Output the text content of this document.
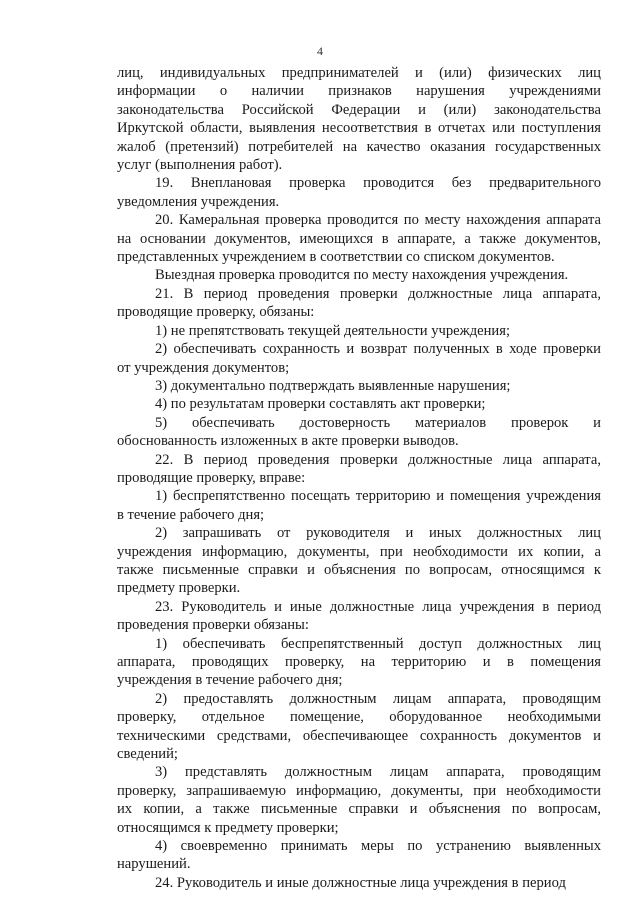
4
лиц, индивидуальных предпринимателей и (или) физических лиц
информации о наличии признаков нарушения учреждениями
законодательства Российской Федерации и (или) законодательства
Иркутской области, выявления несоответствия в отчетах или поступления
жалоб (претензий) потребителей на качество оказания государственных
услуг (выполнения работ).
19. Внеплановая проверка проводится без предварительного
уведомления учреждения.
20. Камеральная проверка проводится по месту нахождения аппарата
на основании документов, имеющихся в аппарате, а также документов,
представленных учреждением в соответствии со списком документов.
Выездная проверка проводится по месту нахождения учреждения.
21. В период проведения проверки должностные лица аппарата,
проводящие проверку, обязаны:
1) не препятствовать текущей деятельности учреждения;
2) обеспечивать сохранность и возврат полученных в ходе проверки
от учреждения документов;
3) документально подтверждать выявленные нарушения;
4) по результатам проверки составлять акт проверки;
5) обеспечивать достоверность материалов проверок и
обоснованность изложенных в акте проверки выводов.
22. В период проведения проверки должностные лица аппарата,
проводящие проверку, вправе:
1) беспрепятственно посещать территорию и помещения учреждения
в течение рабочего дня;
2) запрашивать от руководителя и иных должностных лиц
учреждения информацию, документы, при необходимости их копии, а
также письменные справки и объяснения по вопросам, относящимся к
предмету проверки.
23. Руководитель и иные должностные лица учреждения в период
проведения проверки обязаны:
1) обеспечивать беспрепятственный доступ должностных лиц
аппарата, проводящих проверку, на территорию и в помещения
учреждения в течение рабочего дня;
2) предоставлять должностным лицам аппарата, проводящим
проверку, отдельное помещение, оборудованное необходимыми
техническими средствами, обеспечивающее сохранность документов и
сведений;
3) представлять должностным лицам аппарата, проводящим
проверку, запрашиваемую информацию, документы, при необходимости
их копии, а также письменные справки и объяснения по вопросам,
относящимся к предмету проверки;
4) своевременно принимать меры по устранению выявленных
нарушений.
24. Руководитель и иные должностные лица учреждения в период
